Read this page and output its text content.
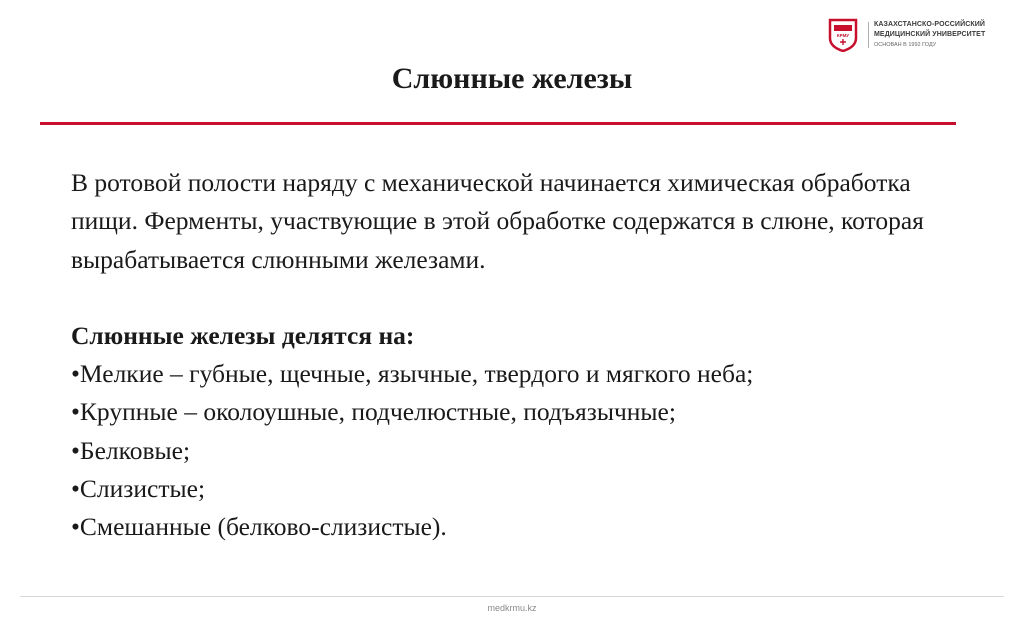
КРМУ
КАЗАХСТАНСКО-РОССИЙСКИЙ
МЕДИЦИНСКИЙ УНИВЕРСИТЕТ
ОСНОВАН В 1992 ГОДУ
Слюнные железы

В ротовой полости наряду с механической начинается химическая обработка пищи. Ферменты, участвующие в этой обработке содержатся в слюне, которая вырабатывается слюнными железами.

Слюнные железы делятся на:

•Мелкие – губные, щечные, язычные, твердого и мягкого неба;
•Крупные – околоушные, подчелюстные, подъязычные;
•Белковые;
•Слизистые;
•Смешанные (белково-слизистые).
medkrmu.kz
